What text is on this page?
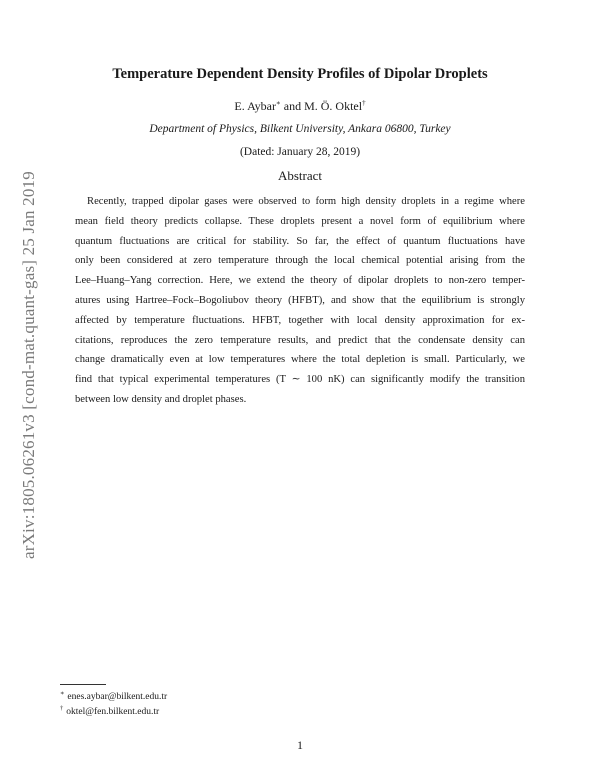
arXiv:1805.06261v3 [cond-mat.quant-gas] 25 Jan 2019
Temperature Dependent Density Profiles of Dipolar Droplets
E. Aybar∗ and M. Ö. Oktel†
Department of Physics, Bilkent University, Ankara 06800, Turkey
(Dated: January 28, 2019)
Abstract
Recently, trapped dipolar gases were observed to form high density droplets in a regime where
mean field theory predicts collapse. These droplets present a novel form of equilibrium where
quantum fluctuations are critical for stability. So far, the effect of quantum fluctuations have
only been considered at zero temperature through the local chemical potential arising from the
Lee–Huang–Yang correction. Here, we extend the theory of dipolar droplets to non-zero temper-
atures using Hartree–Fock–Bogoliubov theory (HFBT), and show that the equilibrium is strongly
affected by temperature fluctuations. HFBT, together with local density approximation for ex-
citations, reproduces the zero temperature results, and predict that the condensate density can
change dramatically even at low temperatures where the total depletion is small. Particularly, we
find that typical experimental temperatures (T ∼ 100 nK) can significantly modify the transition
between low density and droplet phases.
∗ enes.aybar@bilkent.edu.tr
† oktel@fen.bilkent.edu.tr
1
